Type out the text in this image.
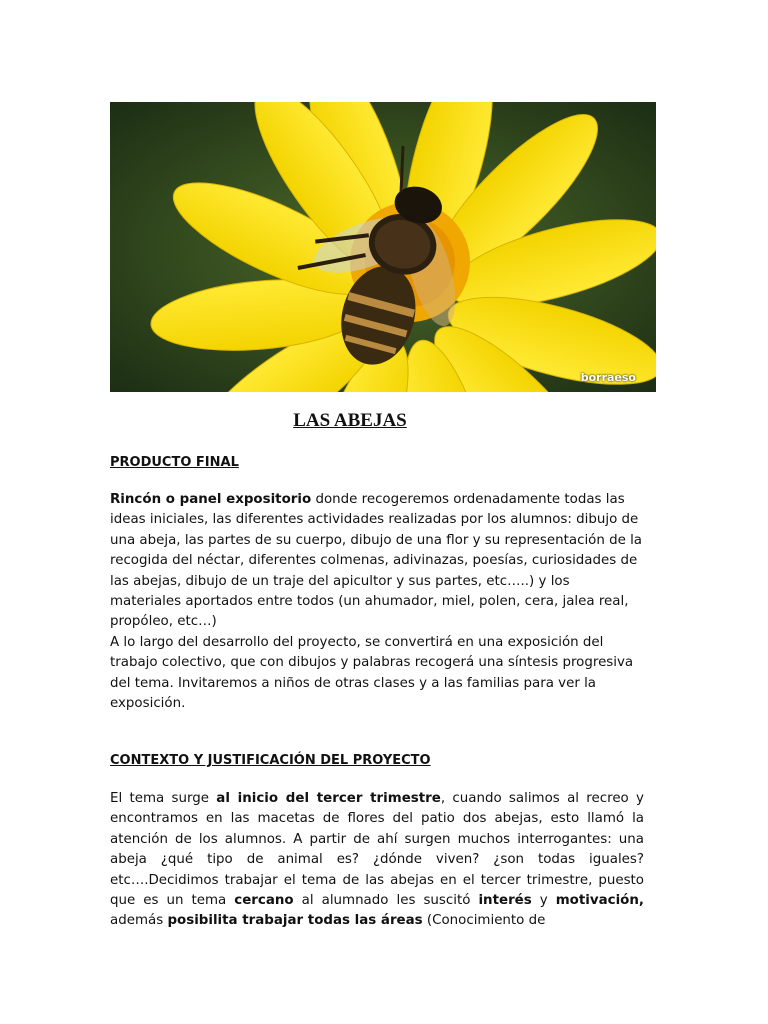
borraeso
LAS ABEJAS
PRODUCTO FINAL
Rincón o panel expositorio donde recogeremos ordenadamente todas las ideas iniciales, las diferentes actividades realizadas por los alumnos: dibujo de una abeja, las partes de su cuerpo, dibujo de una flor y su representación de la recogida del néctar, diferentes colmenas, adivinazas, poesías, curiosidades de las abejas, dibujo de un traje del apicultor y sus partes, etc…..) y los materiales aportados entre todos (un ahumador, miel, polen, cera, jalea real, propóleo, etc…)
A lo largo del desarrollo del proyecto, se convertirá en una exposición del trabajo colectivo, que con dibujos y palabras recogerá una síntesis progresiva del tema. Invitaremos a niños de otras clases y a las familias para ver la exposición.
CONTEXTO Y JUSTIFICACIÓN DEL PROYECTO
El tema surge al inicio del tercer trimestre, cuando salimos al recreo y encontramos en las macetas de flores del patio dos abejas, esto llamó la atención de los alumnos. A partir de ahí surgen muchos interrogantes: una abeja ¿qué tipo de animal es? ¿dónde viven? ¿son todas iguales? etc….Decidimos trabajar el tema de las abejas en el tercer trimestre, puesto que es un tema cercano al alumnado les suscitó interés y motivación, además posibilita trabajar todas las áreas (Conocimiento de
